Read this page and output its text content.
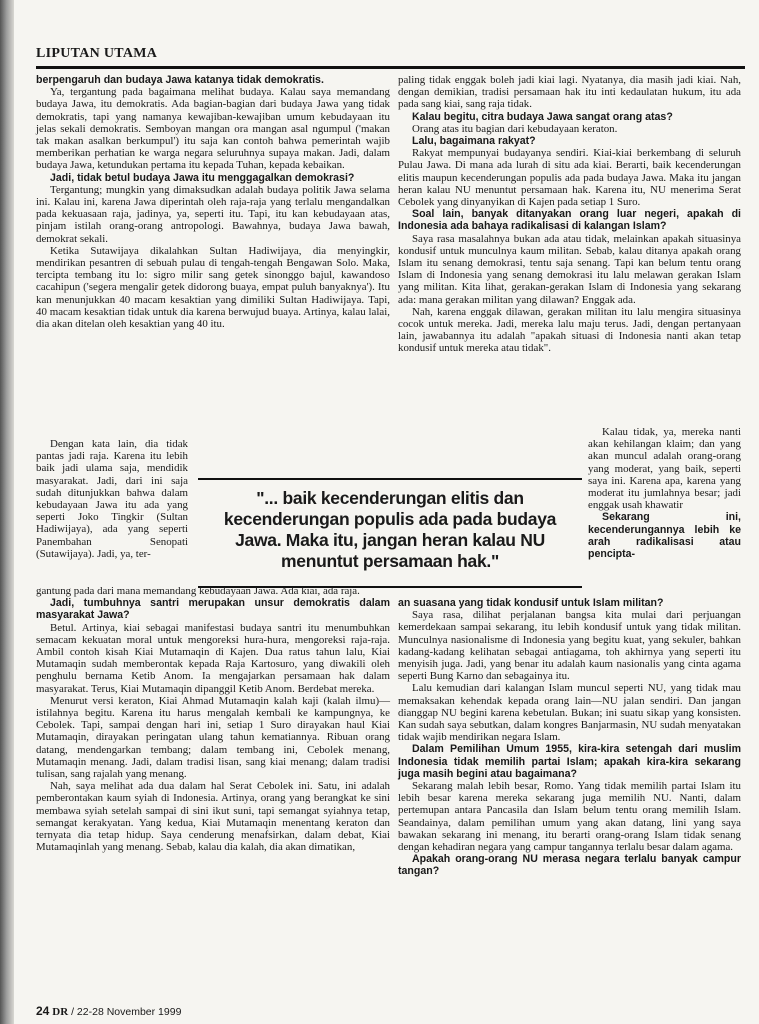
LIPUTAN UTAMA

berpengaruh dan budaya Jawa katanya tidak demokratis.

Ya, tergantung pada bagaimana melihat budaya. Kalau saya memandang budaya Jawa, itu demokratis. Ada bagian-bagian dari budaya Jawa yang tidak demokratis, tapi yang namanya kewajiban-kewajiban umum kebudayaan itu jelas sekali demokratis. Semboyan mangan ora mangan asal ngumpul ('makan tak makan asalkan berkumpul') itu saja kan contoh bahwa pemerintah wajib memberikan perhatian ke warga negara seluruhnya supaya makan. Jadi, dalam budaya Jawa, ketundukan pertama itu kepada Tuhan, kepada kebaikan.

Jadi, tidak betul budaya Jawa itu menggagalkan demokrasi?

Tergantung; mungkin yang dimaksudkan adalah budaya politik Jawa selama ini. Kalau ini, karena Jawa diperintah oleh raja-raja yang terlalu mengandalkan pada kekuasaan raja, jadinya, ya, seperti itu. Tapi, itu kan kebudayaan atas, pinjam istilah orang-orang antropologi. Bawahnya, budaya Jawa bawah, demokrat sekali.

Ketika Sutawijaya dikalahkan Sultan Hadiwijaya, dia menyingkir, mendirikan pesantren di sebuah pulau di tengah-tengah Bengawan Solo. Maka, tercipta tembang itu lo: sigro milir sang getek sinonggo bajul, kawandoso cacahipun ('segera mengalir getek didorong buaya, empat puluh banyaknya'). Itu kan menunjukkan 40 macam kesaktian yang dimiliki Sultan Hadiwijaya. Tapi, 40 macam kesaktian tidak untuk dia karena berwujud buaya. Artinya, kalau lalai, dia akan ditelan oleh kesaktian yang 40 itu.

Dengan kata lain, dia tidak pantas jadi raja. Karena itu lebih baik jadi ulama saja, mendidik masyarakat. Jadi, dari ini saja sudah ditunjukkan bahwa dalam kebudayaan Jawa itu ada yang seperti Joko Tingkir (Sultan Hadiwijaya), ada yang seperti Panembahan Senopati (Sutawijaya). Jadi, ya, ter-

"... baik kecenderungan elitis dan kecenderungan populis ada pada budaya Jawa. Maka itu, jangan heran kalau NU menuntut persamaan hak."

Kalau tidak, ya, mereka nanti akan kehilangan klaim; dan yang akan muncul adalah orang-orang yang moderat, yang baik, seperti saya ini. Karena apa, karena yang moderat itu jumlahnya besar; jadi enggak usah khawatir

Sekarang ini, kecenderungannya lebih ke arah radikalisasi atau pencipta-

gantung pada dari mana memandang kebudayaan Jawa. Ada kiai, ada raja.

Jadi, tumbuhnya santri merupakan unsur demokratis dalam masyarakat Jawa?

Betul. Artinya, kiai sebagai manifestasi budaya santri itu menumbuhkan semacam kekuatan moral untuk mengoreksi hura-hura, mengoreksi raja-raja. Ambil contoh kisah Kiai Mutamaqin di Kajen. Dua ratus tahun lalu, Kiai Mutamaqin sudah memberontak kepada Raja Kartosuro, yang diwakili oleh penghulu bernama Ketib Anom. Ia mengajarkan persamaan hak dalam masyarakat. Terus, Kiai Mutamaqin dipanggil Ketib Anom. Berdebat mereka.

Menurut versi keraton, Kiai Ahmad Mutamaqin kalah kaji (kalah ilmu)—istilahnya begitu. Karena itu harus mengalah kembali ke kampungnya, ke Cebolek. Tapi, sampai dengan hari ini, setiap 1 Suro dirayakan haul Kiai Mutamaqin, dirayakan peringatan ulang tahun kematiannya. Ribuan orang datang, mendengarkan tembang; dalam tembang ini, Cebolek menang, Mutamaqin menang. Jadi, dalam tradisi lisan, sang kiai menang; dalam tradisi tulisan, sang rajalah yang menang.

Nah, saya melihat ada dua dalam hal Serat Cebolek ini. Satu, ini adalah pemberontakan kaum syiah di Indonesia. Artinya, orang yang berangkat ke sini membawa syiah setelah sampai di sini ikut suni, tapi semangat syiahnya tetap, semangat kerakyatan. Yang kedua, Kiai Mutamaqin menentang keraton dan ternyata dia tetap hidup. Saya cenderung menafsirkan, dalam debat, Kiai Mutamaqinlah yang menang. Sebab, kalau dia kalah, dia akan dimatikan,

paling tidak enggak boleh jadi kiai lagi. Nyatanya, dia masih jadi kiai. Nah, dengan demikian, tradisi persamaan hak itu inti kedaulatan hukum, itu ada pada sang kiai, sang raja tidak.

Kalau begitu, citra budaya Jawa sangat orang atas?

Orang atas itu bagian dari kebudayaan keraton.

Lalu, bagaimana rakyat?

Rakyat mempunyai budayanya sendiri. Kiai-kiai berkembang di seluruh Pulau Jawa. Di mana ada lurah di situ ada kiai. Berarti, baik kecenderungan elitis maupun kecenderungan populis ada pada budaya Jawa. Maka itu jangan heran kalau NU menuntut persamaan hak. Karena itu, NU menerima Serat Cebolek yang dinyanyikan di Kajen pada setiap 1 Suro.

Soal lain, banyak ditanyakan orang luar negeri, apakah di Indonesia ada bahaya radikalisasi di kalangan Islam?

Saya rasa masalahnya bukan ada atau tidak, melainkan apakah situasinya kondusif untuk munculnya kaum militan. Sebab, kalau ditanya apakah orang Islam itu senang demokrasi, tentu saja senang. Tapi kan belum tentu orang Islam di Indonesia yang senang demokrasi itu lalu melawan gerakan Islam yang militan. Kita lihat, gerakan-gerakan Islam di Indonesia yang sekarang ada: mana gerakan militan yang dilawan? Enggak ada.

Nah, karena enggak dilawan, gerakan militan itu lalu mengira situasinya cocok untuk mereka. Jadi, mereka lalu maju terus. Jadi, dengan pertanyaan lain, jawabannya itu adalah "apakah situasi di Indonesia nanti akan tetap kondusif untuk mereka atau tidak".

an suasana yang tidak kondusif untuk Islam militan?

Saya rasa, dilihat perjalanan bangsa kita mulai dari perjuangan kemerdekaan sampai sekarang, itu lebih kondusif untuk yang tidak militan. Munculnya nasionalisme di Indonesia yang begitu kuat, yang sekuler, bahkan kadang-kadang kelihatan sebagai antiagama, toh akhirnya yang seperti itu menyisih juga. Jadi, yang benar itu adalah kaum nasionalis yang cinta agama seperti Bung Karno dan sebagainya itu.

Lalu kemudian dari kalangan Islam muncul seperti NU, yang tidak mau memaksakan kehendak kepada orang lain—NU jalan sendiri. Dan jangan dianggap NU begini karena kebetulan. Bukan; ini suatu sikap yang konsisten. Kan sudah saya sebutkan, dalam kongres Banjarmasin, NU sudah menyatakan tidak wajib mendirikan negara Islam.

Dalam Pemilihan Umum 1955, kira-kira setengah dari muslim Indonesia tidak memilih partai Islam; apakah kira-kira sekarang juga masih begini atau bagaimana?

Sekarang malah lebih besar, Romo. Yang tidak memilih partai Islam itu lebih besar karena mereka sekarang juga memilih NU. Nanti, dalam pertemupan antara Pancasila dan Islam belum tentu orang memilih Islam. Seandainya, dalam pemilihan umum yang akan datang, lini yang saya bawakan sekarang ini menang, itu berarti orang-orang Islam tidak senang dengan kehadiran negara yang campur tangannya terlalu besar dalam agama.

Apakah orang-orang NU merasa negara terlalu banyak campur tangan?

24 DR / 22-28 November 1999
